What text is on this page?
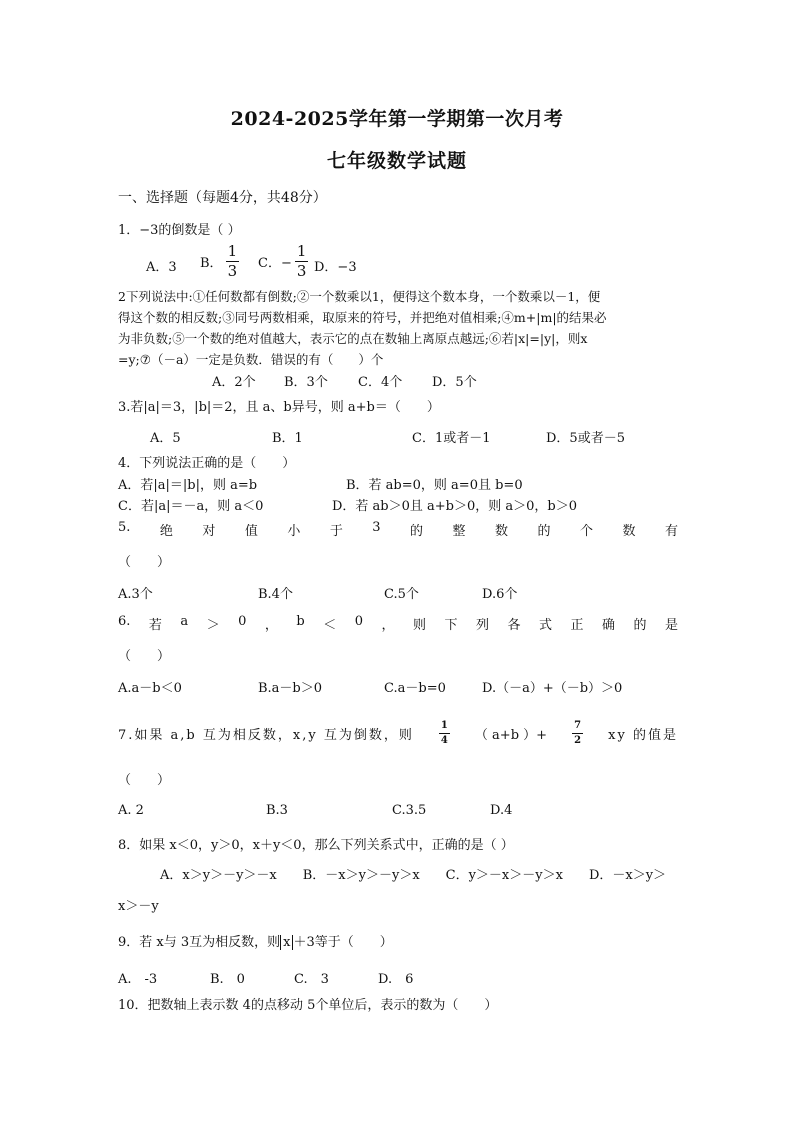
2024-2025学年第一学期第一次月考
七年级数学试题
一、选择题（每题4分，共48分）
1．−3的倒数是（ ）
A．3 B． $\frac{1}{3}$ C．− $\frac{1}{3}$ D．−3
2下列说法中:①任何数都有倒数;②一个数乘以1，便得这个数本身，一个数乘以－1，便
得这个数的相反数;③同号两数相乘，取原来的符号，并把绝对值相乘;④m+|m|的结果必
为非负数;⑤一个数的绝对值越大，表示它的点在数轴上离原点越远;⑥若|x|=|y|，则x
=y;⑦（－a）一定是负数．错误的有（　　）个
A．2个 B．3个 C．4个 D．5个
3.若|a|＝3，|b|＝2，且 a、b异号，则 a+b＝（　　）
A．5	B．1	C．1或者－1	D．5或者－5
4．下列说法正确的是（　　）
A．若|a|＝|b|，则 a=b	B．若 ab=0，则 a=0且 b=0
C．若|a|＝－a，则 a＜0	D．若 ab＞0且 a+b＞0，则 a＞0，b＞0
5. 绝 对 值 小 于 3 的 整 数 的 个 数 有
（　　）
A.3个	B.4个	C.5个	D.6个
6. 若 a ＞ 0 ， b ＜ 0 ， 则 下 列 各 式 正 确 的 是
（　　）
A.a－b＜0	B.a－b＞0	C.a－b=0	D.（－a）+（－b）＞0
7.如果 a,b 互为相反数，x,y 互为倒数，则	$\frac{1}{4}$ （ a+b ）+	$\frac{7}{2}$ xy 的值是
（　　）
A. 2	B.3	C.3.5	D.4
8．如果 x＜0，y＞0，x＋y＜0，那么下列关系式中，正确的是（ ）
A．x＞y＞－y＞－x　　B．－x＞y＞－y＞x　　C．y＞－x＞－y＞x　　D．－x＞y＞
x＞－y
9．若 x与 3互为相反数，则 x ＋3等于（　　）
A.　-3	B.　0	C.　3	D.　6
10．把数轴上表示数 4的点移动 5个单位后，表示的数为（　　）
